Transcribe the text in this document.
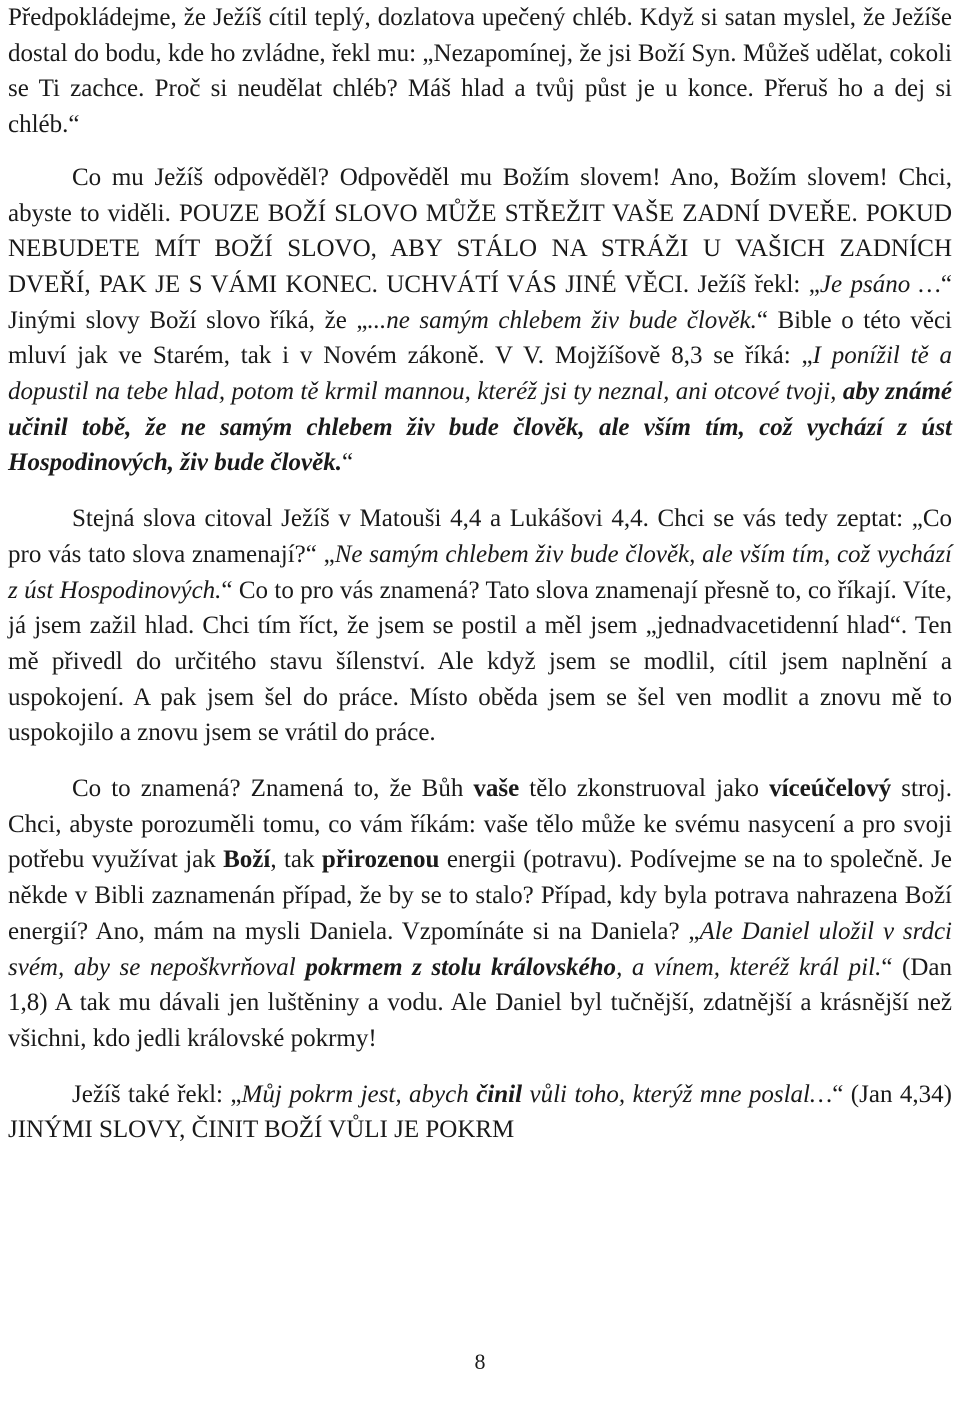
Předpokládejme, že Ježíš cítil teplý, dozlatova upečený chléb. Když si satan myslel, že Ježíše dostal do bodu, kde ho zvládne, řekl mu: „Nezapomínej, že jsi Boží Syn. Můžeš udělat, cokoli se Ti zachce. Proč si neudělat chléb? Máš hlad a tvůj půst je u konce. Přeruš ho a dej si chléb.“

Co mu Ježíš odpověděl? Odpověděl mu Božím slovem! Ano, Božím slovem! Chci, abyste to viděli. POUZE BOŽÍ SLOVO MŮŽE STŘEŽIT VAŠE ZADNÍ DVEŘE. POKUD NEBUDETE MÍT BOŽÍ SLOVO, ABY STÁLO NA STRÁŽI U VAŠICH ZADNÍCH DVEŘÍ, PAK JE S VÁMI KONEC. UCHVÁTÍ VÁS JINÉ VĚCI. Ježíš řekl: „Je psáno …“ Jinými slovy Boží slovo říká, že „...ne samým chlebem živ bude člověk.“ Bible o této věci mluví jak ve Starém, tak i v Novém zákoně. V V. Mojžíšově 8,3 se říká: „I ponížil tě a dopustil na tebe hlad, potom tě krmil mannou, kteréž jsi ty neznal, ani otcové tvoji, aby známé učinil tobě, že ne samým chlebem živ bude člověk, ale vším tím, což vychází z úst Hospodinových, živ bude člověk.“

Stejná slova citoval Ježíš v Matouši 4,4 a Lukášovi 4,4. Chci se vás tedy zeptat: „Co pro vás tato slova znamenají?“ „Ne samým chlebem živ bude člověk, ale vším tím, což vychází z úst Hospodinových.“ Co to pro vás znamená? Tato slova znamenají přesně to, co říkají. Víte, já jsem zažil hlad. Chci tím říct, že jsem se postil a měl jsem „jednadvacetidenní hlad“. Ten mě přivedl do určitého stavu šílenství. Ale když jsem se modlil, cítil jsem naplnění a uspokojení. A pak jsem šel do práce. Místo oběda jsem se šel ven modlit a znovu mě to uspokojilo a znovu jsem se vrátil do práce.

Co to znamená? Znamená to, že Bůh vaše tělo zkonstruoval jako víceúčelový stroj. Chci, abyste porozuměli tomu, co vám říkám: vaše tělo může ke svému nasycení a pro svoji potřebu využívat jak Boží, tak přirozenou energii (potravu). Podívejme se na to společně. Je někde v Bibli zaznamenán případ, že by se to stalo? Případ, kdy byla potrava nahrazena Boží energií? Ano, mám na mysli Daniela. Vzpomínáte si na Daniela? „Ale Daniel uložil v srdci svém, aby se nepoškvrňoval pokrmem z stolu královského, a vínem, kteréž král pil.“ (Dan 1,8) A tak mu dávali jen luštěniny a vodu. Ale Daniel byl tučnější, zdatnější a krásnější než všichni, kdo jedli královské pokrmy!

Ježíš také řekl: „Můj pokrm jest, abych činil vůli toho, kterýž mne poslal…“ (Jan 4,34) JINÝMI SLOVY, ČINIT BOŽÍ VŮLI JE POKRM

8
